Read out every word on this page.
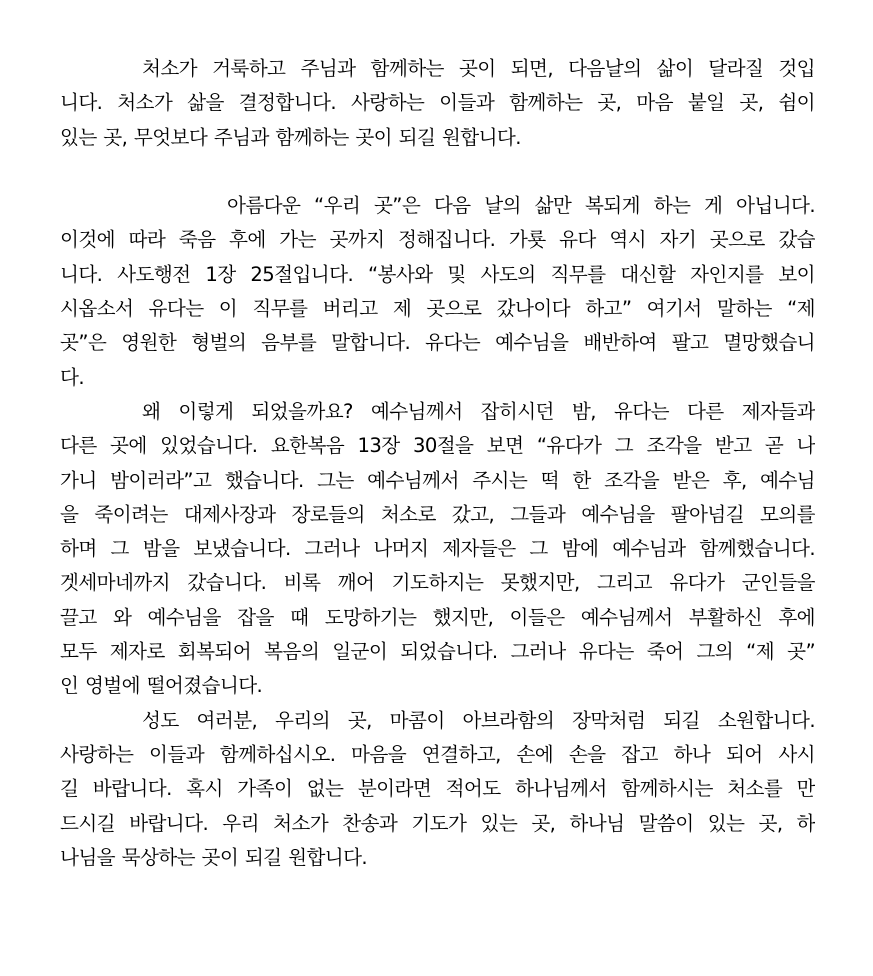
처소가 거룩하고 주님과 함께하는 곳이 되면, 다음날의 삶이 달라질 것입
니다. 처소가 삶을 결정합니다. 사랑하는 이들과 함께하는 곳, 마음 붙일 곳, 쉼이
있는 곳, 무엇보다 주님과 함께하는 곳이 되길 원합니다.
아름다운 “우리 곳”은 다음 날의 삶만 복되게 하는 게 아닙니다.
이것에 따라 죽음 후에 가는 곳까지 정해집니다. 가룟 유다 역시 자기 곳으로 갔습
니다. 사도행전 1장 25절입니다. “봉사와 및 사도의 직무를 대신할 자인지를 보이
시옵소서 유다는 이 직무를 버리고 제 곳으로 갔나이다 하고” 여기서 말하는 “제
곳”은 영원한 형벌의 음부를 말합니다. 유다는 예수님을 배반하여 팔고 멸망했습니
다.
왜 이렇게 되었을까요? 예수님께서 잡히시던 밤, 유다는 다른 제자들과
다른 곳에 있었습니다. 요한복음 13장 30절을 보면 “유다가 그 조각을 받고 곧 나
가니 밤이러라”고 했습니다. 그는 예수님께서 주시는 떡 한 조각을 받은 후, 예수님
을 죽이려는 대제사장과 장로들의 처소로 갔고, 그들과 예수님을 팔아넘길 모의를
하며 그 밤을 보냈습니다. 그러나 나머지 제자들은 그 밤에 예수님과 함께했습니다.
겟세마네까지 갔습니다. 비록 깨어 기도하지는 못했지만, 그리고 유다가 군인들을
끌고 와 예수님을 잡을 때 도망하기는 했지만, 이들은 예수님께서 부활하신 후에
모두 제자로 회복되어 복음의 일군이 되었습니다. 그러나 유다는 죽어 그의 “제 곳”
인 영벌에 떨어졌습니다.
성도 여러분, 우리의 곳, 마콤이 아브라함의 장막처럼 되길 소원합니다.
사랑하는 이들과 함께하십시오. 마음을 연결하고, 손에 손을 잡고 하나 되어 사시
길 바랍니다. 혹시 가족이 없는 분이라면 적어도 하나님께서 함께하시는 처소를 만
드시길 바랍니다. 우리 처소가 찬송과 기도가 있는 곳, 하나님 말씀이 있는 곳, 하
나님을 묵상하는 곳이 되길 원합니다.
